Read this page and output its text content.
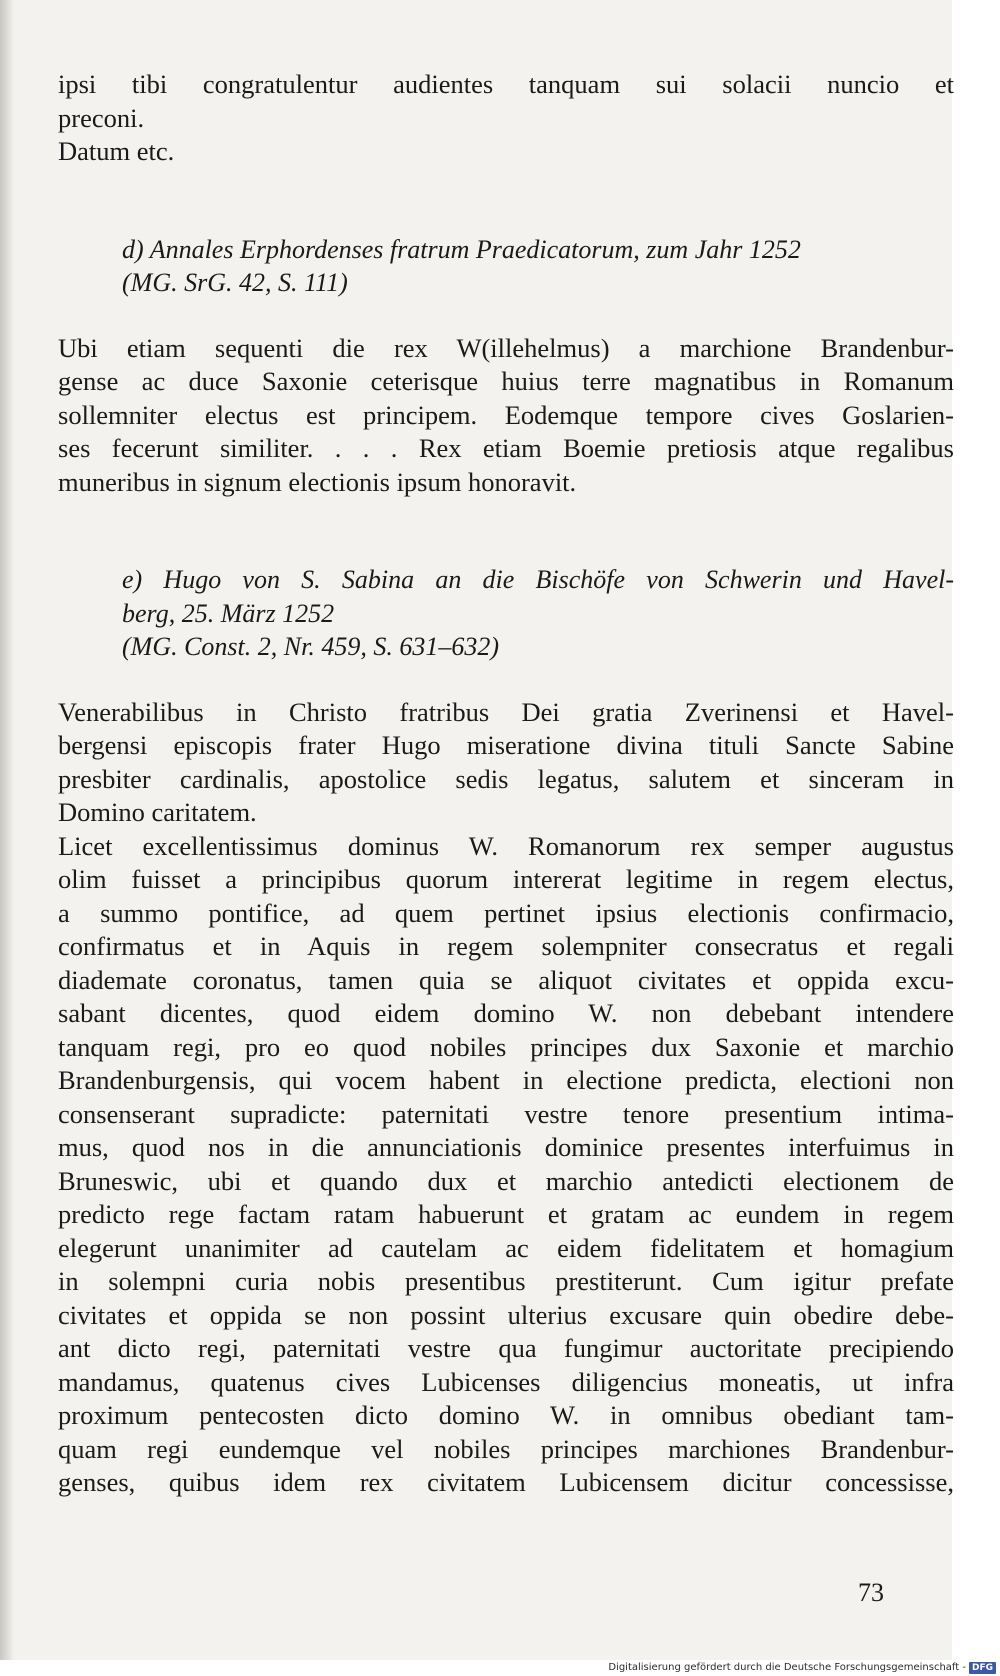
ipsi tibi congratulentur audientes tanquam sui solacii nuncio et
preconi.
Datum etc.
d) Annales Erphordenses fratrum Praedicatorum, zum Jahr 1252
(MG. SrG. 42, S. 111)
Ubi etiam sequenti die rex W(illehelmus) a marchione Brandenbur-
gense ac duce Saxonie ceterisque huius terre magnatibus in Romanum
sollemniter electus est principem. Eodemque tempore cives Goslarien-
ses fecerunt similiter. . . . Rex etiam Boemie pretiosis atque regalibus
muneribus in signum electionis ipsum honoravit.
e) Hugo von S. Sabina an die Bischöfe von Schwerin und Havel-
berg, 25. März 1252
(MG. Const. 2, Nr. 459, S. 631–632)
Venerabilibus in Christo fratribus Dei gratia Zverinensi et Havel-
bergensi episcopis frater Hugo miseratione divina tituli Sancte Sabine
presbiter cardinalis, apostolice sedis legatus, salutem et sinceram in
Domino caritatem.
Licet excellentissimus dominus W. Romanorum rex semper augustus
olim fuisset a principibus quorum intererat legitime in regem electus,
a summo pontifice, ad quem pertinet ipsius electionis confirmacio,
confirmatus et in Aquis in regem solempniter consecratus et regali
diademate coronatus, tamen quia se aliquot civitates et oppida excu-
sabant dicentes, quod eidem domino W. non debebant intendere
tanquam regi, pro eo quod nobiles principes dux Saxonie et marchio
Brandenburgensis, qui vocem habent in electione predicta, electioni non
consenserant supradicte: paternitati vestre tenore presentium intima-
mus, quod nos in die annunciationis dominice presentes interfuimus in
Bruneswic, ubi et quando dux et marchio antedicti electionem de
predicto rege factam ratam habuerunt et gratam ac eundem in regem
elegerunt unanimiter ad cautelam ac eidem fidelitatem et homagium
in solempni curia nobis presentibus prestiterunt. Cum igitur prefate
civitates et oppida se non possint ulterius excusare quin obedire debe-
ant dicto regi, paternitati vestre qua fungimur auctoritate precipiendo
mandamus, quatenus cives Lubicenses diligencius moneatis, ut infra
proximum pentecosten dicto domino W. in omnibus obediant tam-
quam regi eundemque vel nobiles principes marchiones Brandenbur-
genses, quibus idem rex civitatem Lubicensem dicitur concessisse,
73
Digitalisierung gefördert durch die Deutsche Forschungsgemeinschaft - DFG
